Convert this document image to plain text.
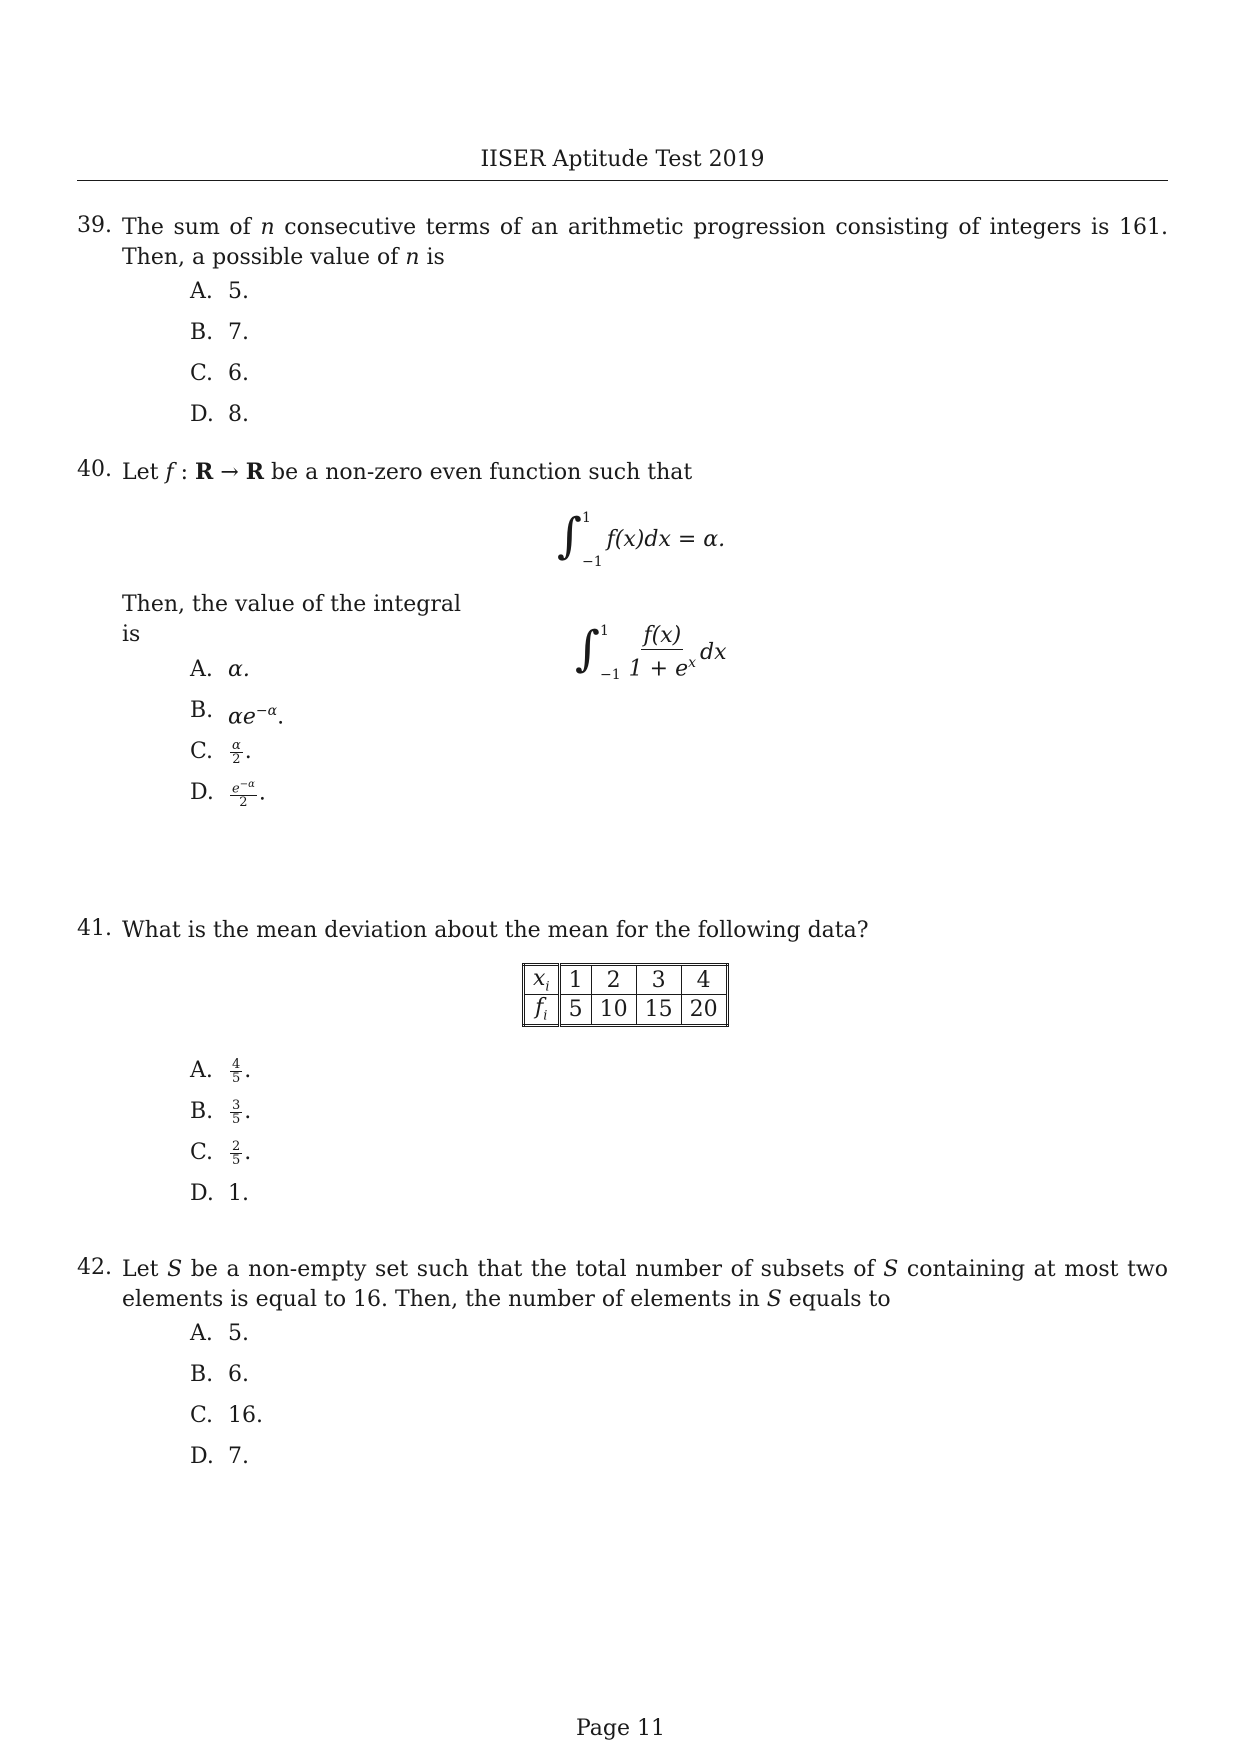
IISER Aptitude Test 2019
39. The sum of n consecutive terms of an arithmetic progression consisting of integers is 161. Then, a possible value of n is
A. 5.
B. 7.
C. 6.
D. 8.
40. Let f : R → R be a non-zero even function such that
∫ 1
−1
f(x)dx = α.
Then, the value of the integral
∫ 1
$-1 \frac{f(x)}{1 + e^x}$ dx
is
A. α.
B. $\alpha e^{-\alpha}$.
C.	$\frac{\alpha}{2}$ .
D.	$\frac{e^{-\alpha}}{2}$ .
41. What is the mean deviation about the mean for the following data?
$x_i$	1	2	3	4
$f_i$	5	10	15	20
A.	$\frac{4}{5}$ .
B.	$\frac{3}{5}$ .
C.	$\frac{2}{5}$ .
D. 1.
42. Let S be a non-empty set such that the total number of subsets of S containing at most two elements is equal to 16. Then, the number of elements in S equals to
A. 5.
B. 6.
C. 16.
D. 7.
Page 11
